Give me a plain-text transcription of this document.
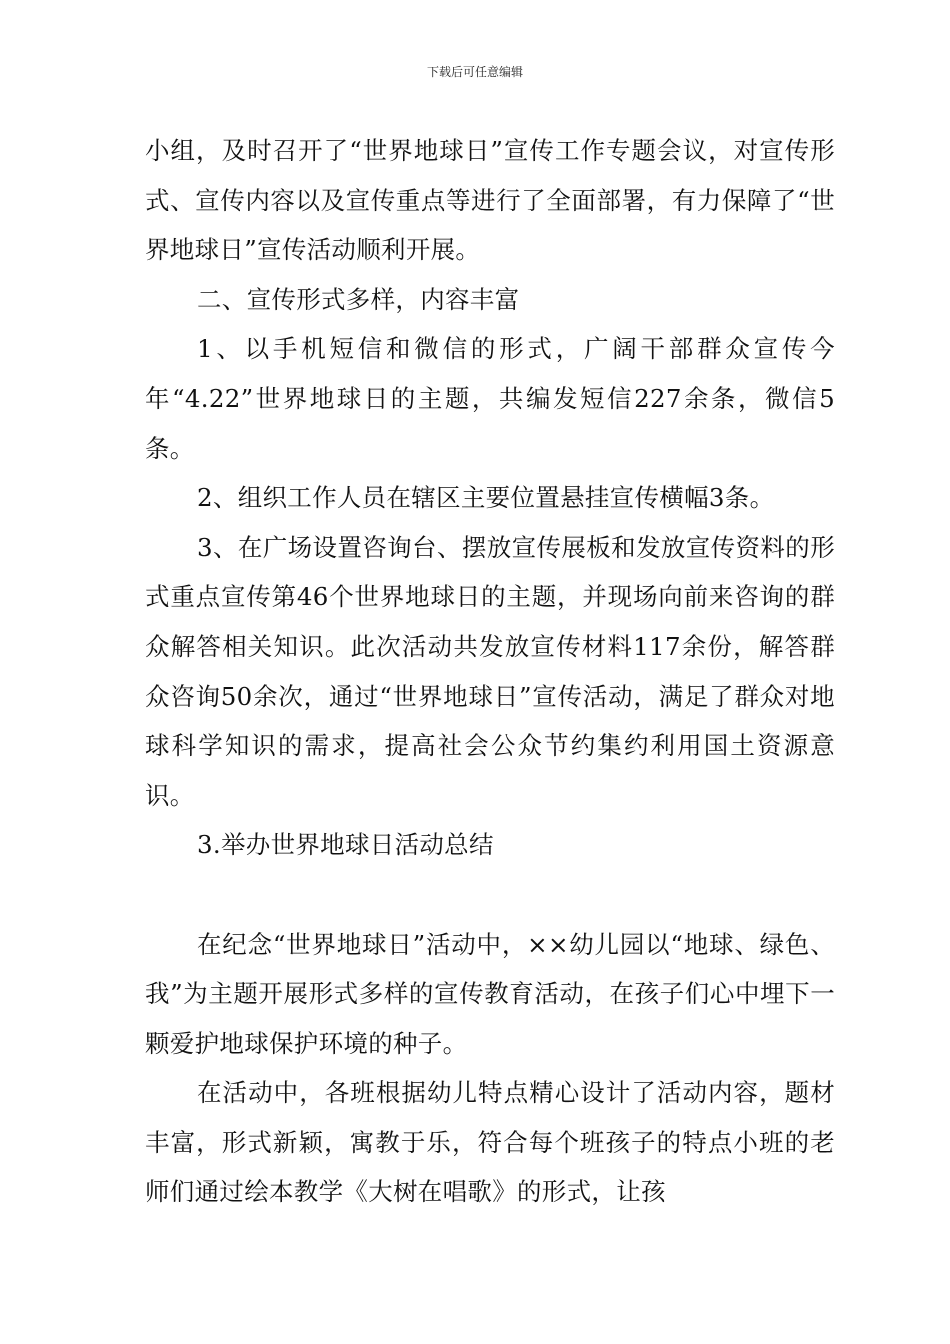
下载后可任意编辑

小组，及时召开了“世界地球日”宣传工作专题会议，对宣传形式、宣传内容以及宣传重点等进行了全面部署，有力保障了“世界地球日”宣传活动顺利开展。

二、宣传形式多样，内容丰富

1、以手机短信和微信的形式，广阔干部群众宣传今年“4.22”世界地球日的主题，共编发短信227余条，微信5条。

2、组织工作人员在辖区主要位置悬挂宣传横幅3条。

3、在广场设置咨询台、摆放宣传展板和发放宣传资料的形式重点宣传第46个世界地球日的主题，并现场向前来咨询的群众解答相关知识。此次活动共发放宣传材料117余份，解答群众咨询50余次，通过“世界地球日”宣传活动，满足了群众对地球科学知识的需求，提高社会公众节约集约利用国土资源意识。

3.举办世界地球日活动总结

在纪念“世界地球日”活动中，××幼儿园以“地球、绿色、我”为主题开展形式多样的宣传教育活动，在孩子们心中埋下一颗爱护地球保护环境的种子。

在活动中，各班根据幼儿特点精心设计了活动内容，题材丰富，形式新颖，寓教于乐，符合每个班孩子的特点小班的老师们通过绘本教学《大树在唱歌》的形式，让孩
